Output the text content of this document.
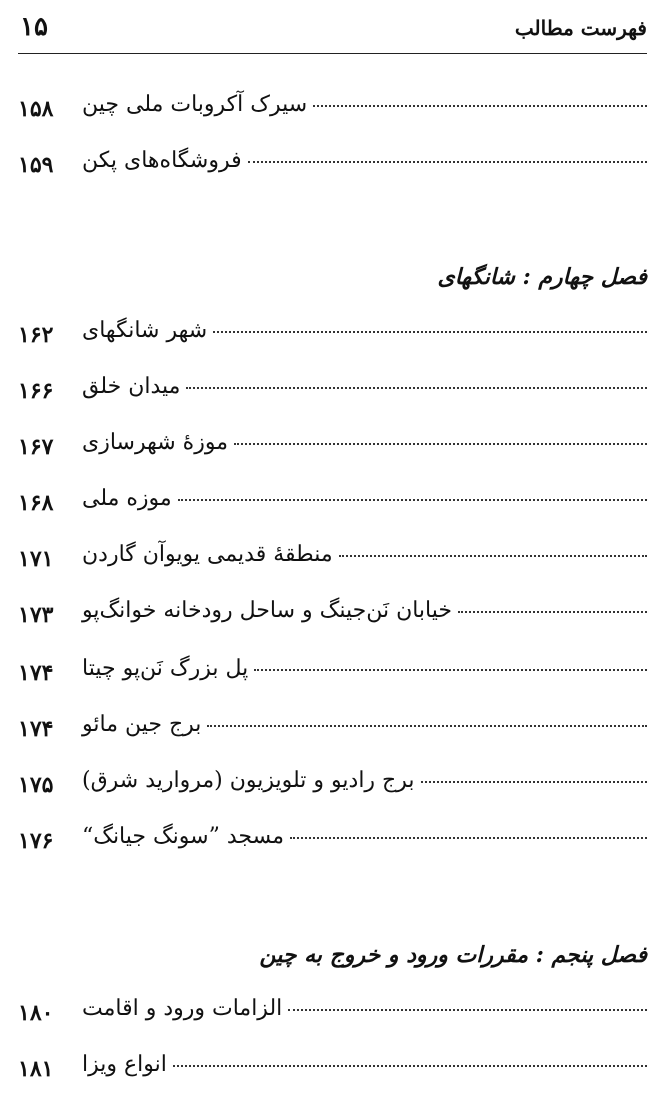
فهرست مطالب
۱۵
سیرک آکروبات ملی چین
۱۵۸
فروشگاه‌های پکن
۱۵۹
فصل چهارم : شانگهای
شهر شانگهای
۱۶۲
میدان خلق
۱۶۶
موزهٔ شهرسازی
۱۶۷
موزه ملی
۱۶۸
منطقهٔ قدیمی یویوآن گاردن
۱۷۱
خیابان نَن‌جینگ و ساحل رودخانه خوانگ‌پو
۱۷۳
پل بزرگ نَن‌پو چیتا
۱۷۴
برج جین مائو
۱۷۴
برج رادیو و تلویزیون (مروارید شرق)
۱۷۵
مسجد ”سونگ جیانگ“
۱۷۶
فصل پنجم : مقررات ورود و خروج به چین
الزامات ورود و اقامت
۱۸۰
انواع ویزا
۱۸۱
